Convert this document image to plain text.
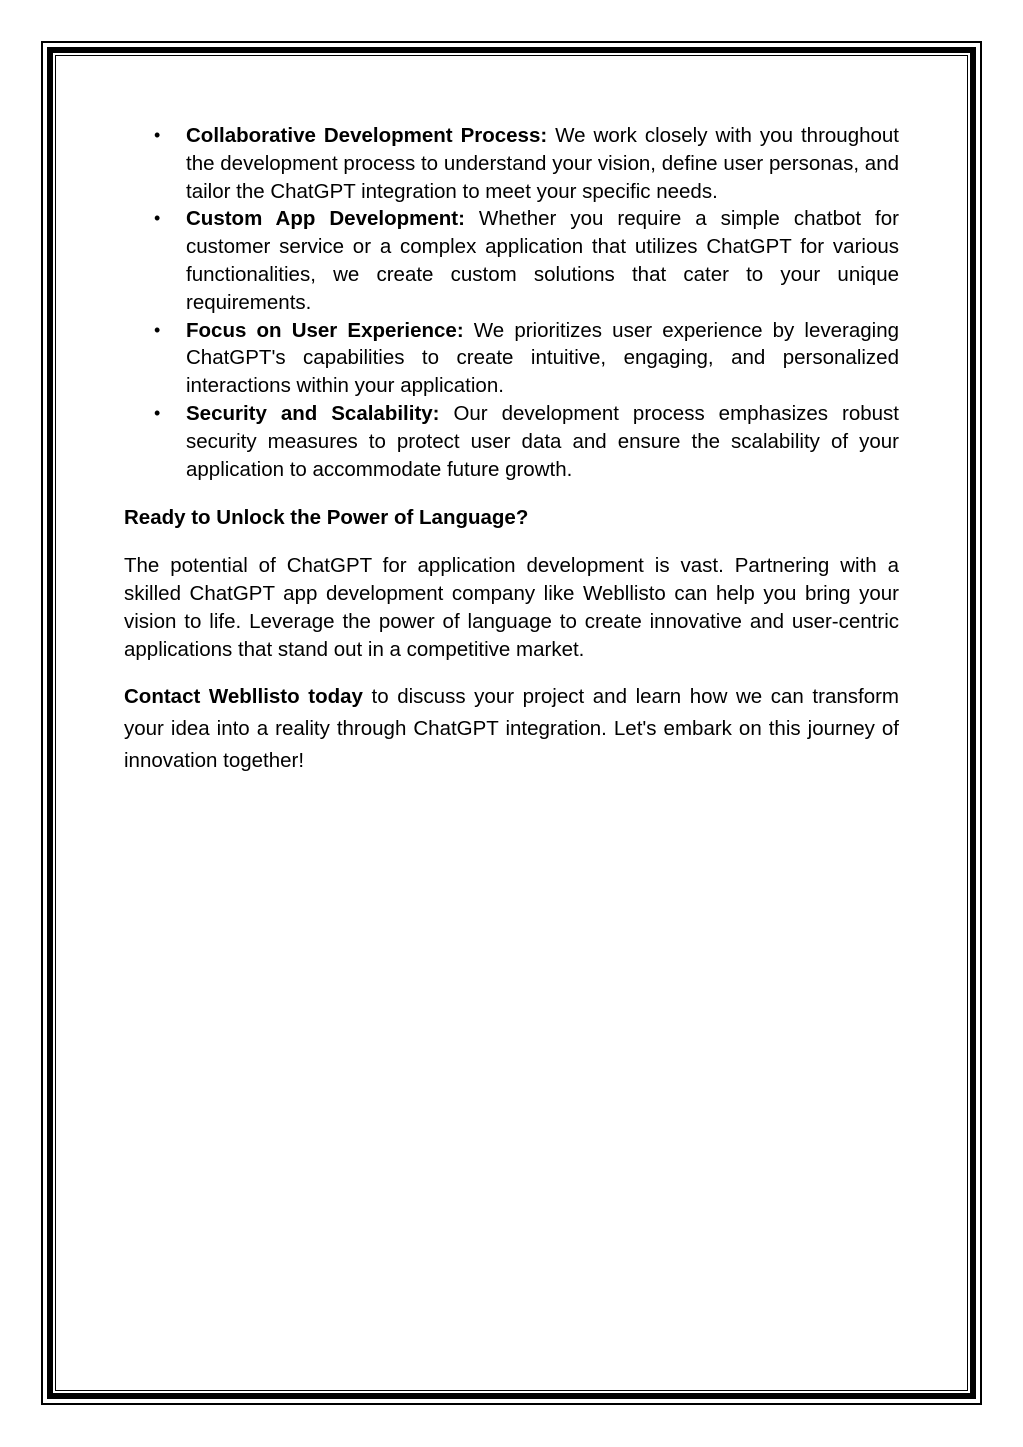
• Collaborative Development Process: We work closely with you throughout the development process to understand your vision, define user personas, and tailor the ChatGPT integration to meet your specific needs.
• Custom App Development: Whether you require a simple chatbot for customer service or a complex application that utilizes ChatGPT for various functionalities, we create custom solutions that cater to your unique requirements.
• Focus on User Experience: We prioritizes user experience by leveraging ChatGPT's capabilities to create intuitive, engaging, and personalized interactions within your application.
• Security and Scalability: Our development process emphasizes robust security measures to protect user data and ensure the scalability of your application to accommodate future growth.
Ready to Unlock the Power of Language?

The potential of ChatGPT for application development is vast. Partnering with a skilled ChatGPT app development company like Webllisto can help you bring your vision to life. Leverage the power of language to create innovative and user-centric applications that stand out in a competitive market.

Contact Webllisto today to discuss your project and learn how we can transform your idea into a reality through ChatGPT integration. Let's embark on this journey of innovation together!
